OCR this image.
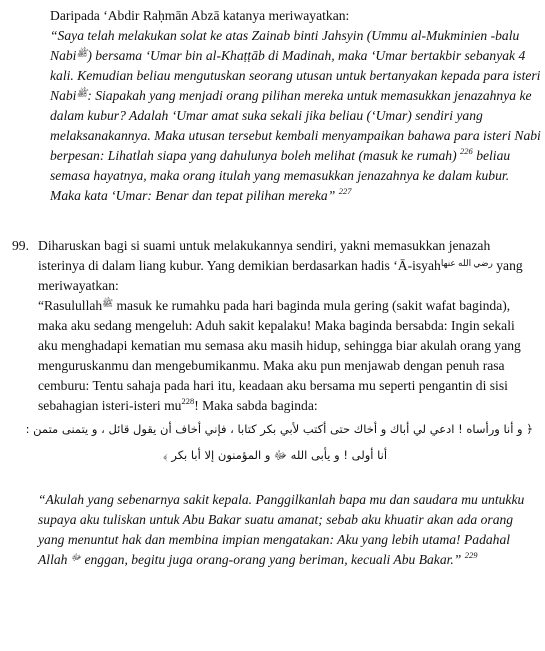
Daripada ‘Abdir Raḥmān Abzā katanya meriwayatkan:
“Saya telah melakukan solat ke atas Zainab binti Jahsyin (Ummu al-Mukminien -balu
Nabi$^ﷺ$) bersama ‘Umar bin al-Khaṭṭāb di Madinah, maka ‘Umar bertakbir sebanyak 4
kali. Kemudian beliau mengutuskan seorang utusan untuk bertanyakan kepada para isteri
Nabi$^ﷺ$: Siapakah yang menjadi orang pilihan mereka untuk memasukkan jenazahnya ke
dalam kubur? Adalah ‘Umar amat suka sekali jika beliau (‘Umar) sendiri yang
melaksanakannya. Maka utusan tersebut kembali menyampaikan bahawa para isteri Nabi
berpesan: Lihatlah siapa yang dahulunya boleh melihat (masuk ke rumah) $^{226}$ beliau
semasa hayatnya, maka orang itulah yang memasukkan jenazahnya ke dalam kubur.
Maka kata ‘Umar: Benar dan tepat pilihan mereka” $^{227}$
99. Diharuskan bagi si suami untuk melakukannya sendiri, yakni memasukkan jenazah
isterinya di dalam liang kubur. Yang demikian berdasarkan hadis ‘Ā-isyah$^{رضي الله عنها}$ yang
meriwayatkan:
“Rasulullah$^ﷺ$ masuk ke rumahku pada hari baginda mula gering (sakit wafat baginda),
maka aku sedang mengeluh: Aduh sakit kepalaku! Maka baginda bersabda: Ingin sekali
aku menghadapi kematian mu semasa aku masih hidup, sehingga biar akulah orang yang
menguruskanmu dan mengebumikanmu. Maka aku pun menjawab dengan penuh rasa
cemburu: Tentu sahaja pada hari itu, keadaan aku bersama mu seperti pengantin di sisi
sebahagian isteri-isteri $mu^{228}$! Maka sabda baginda:
﴿ و أنا ورأساه ! ادعي لي أباك و أخاك حتى أكتب لأبي بكر كتابا ، فإني أخاف أن يقول قائل ، و يتمنى متمن :
أنا أولى ! و يأبى الله ﷻ و المؤمنون إلا أبا بكر ﴾
“Akulah yang sebenarnya sakit kepala. Panggilkanlah bapa mu dan saudara mu untukku
supaya aku tuliskan untuk Abu Bakar suatu amanat; sebab aku khuatir akan ada orang
yang menuntut hak dan membina impian mengatakan: Aku yang lebih utama! Padahal
Allah $^ﷻ$ enggan, begitu juga orang-orang yang beriman, kecuali Abu Bakar.” $^{229}$
